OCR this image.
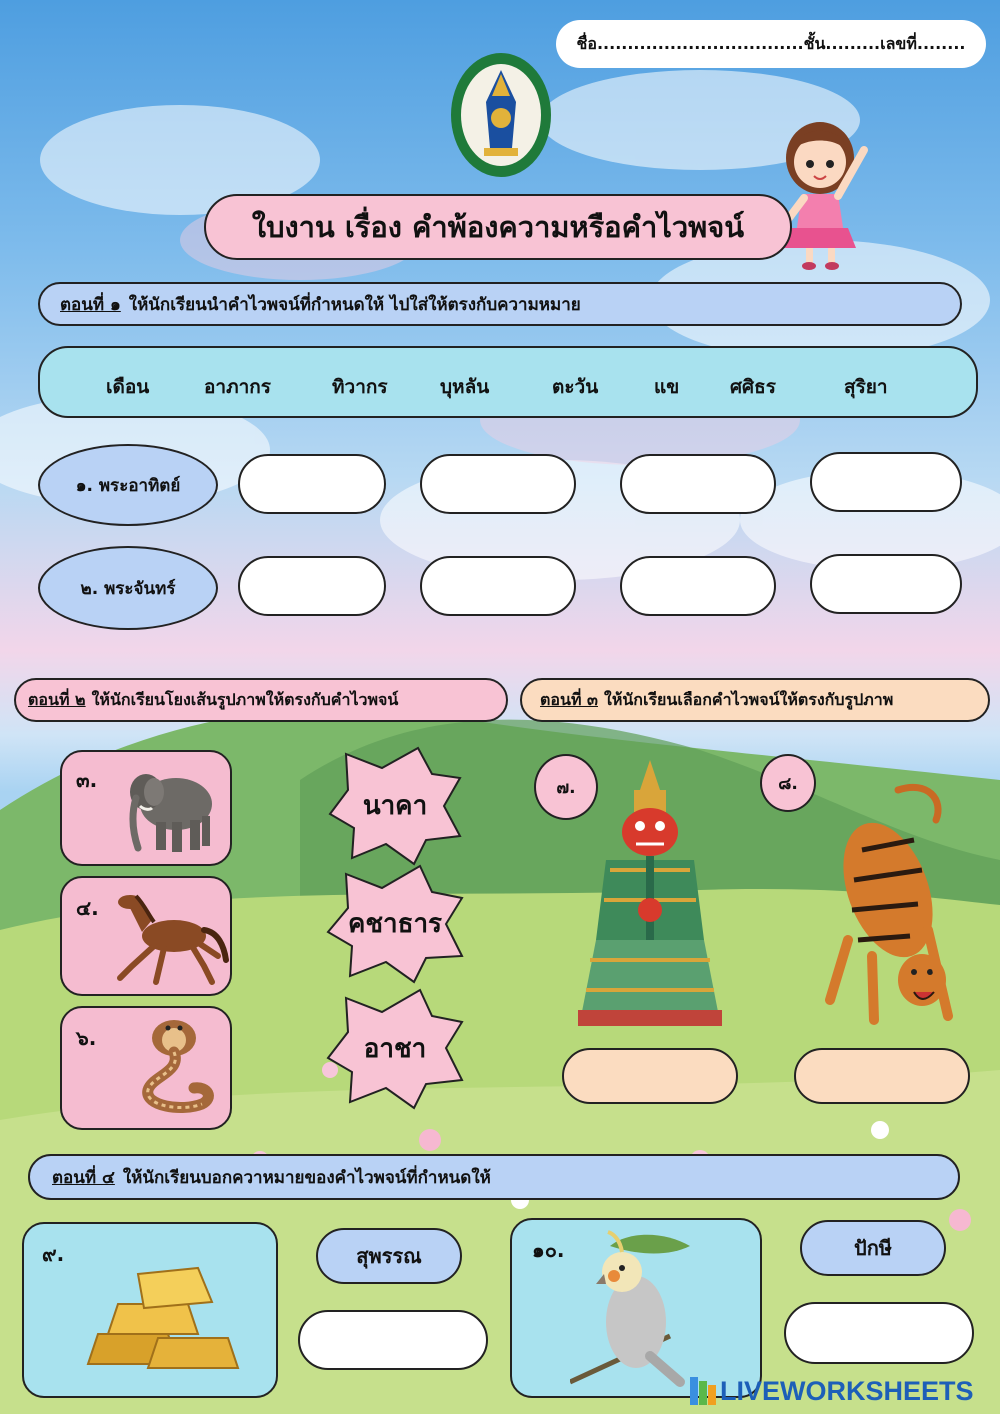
ชื่อ..................................ชั้น.........เลขที่........
ใบงาน เรื่อง คำพ้องความหรือคำไวพจน์
ตอนที่ ๑ ให้นักเรียนนำคำไวพจน์ที่กำหนดให้ ไปใส่ให้ตรงกับความหมาย
เดือน	อาภากร	ทิวากร	บุหลัน	ตะวัน	แข	ศศิธร	สุริยา
๑. พระอาทิตย์
๒. พระจันทร์
ตอนที่ ๒ ให้นักเรียนโยงเส้นรูปภาพให้ตรงกับคำไวพจน์	ตอนที่ ๓ ให้นักเรียนเลือกคำไวพจน์ให้ตรงกับรูปภาพ
๓.
๔.
๖.
นาคา
คชาธาร
อาชา
๗.	๘.
ตอนที่ ๔ ให้นักเรียนบอกควาหมายของคำไวพจน์ที่กำหนดให้
๙.	สุพรรณ	๑๐.	ปักษี
LIVEWORKSHEETS
